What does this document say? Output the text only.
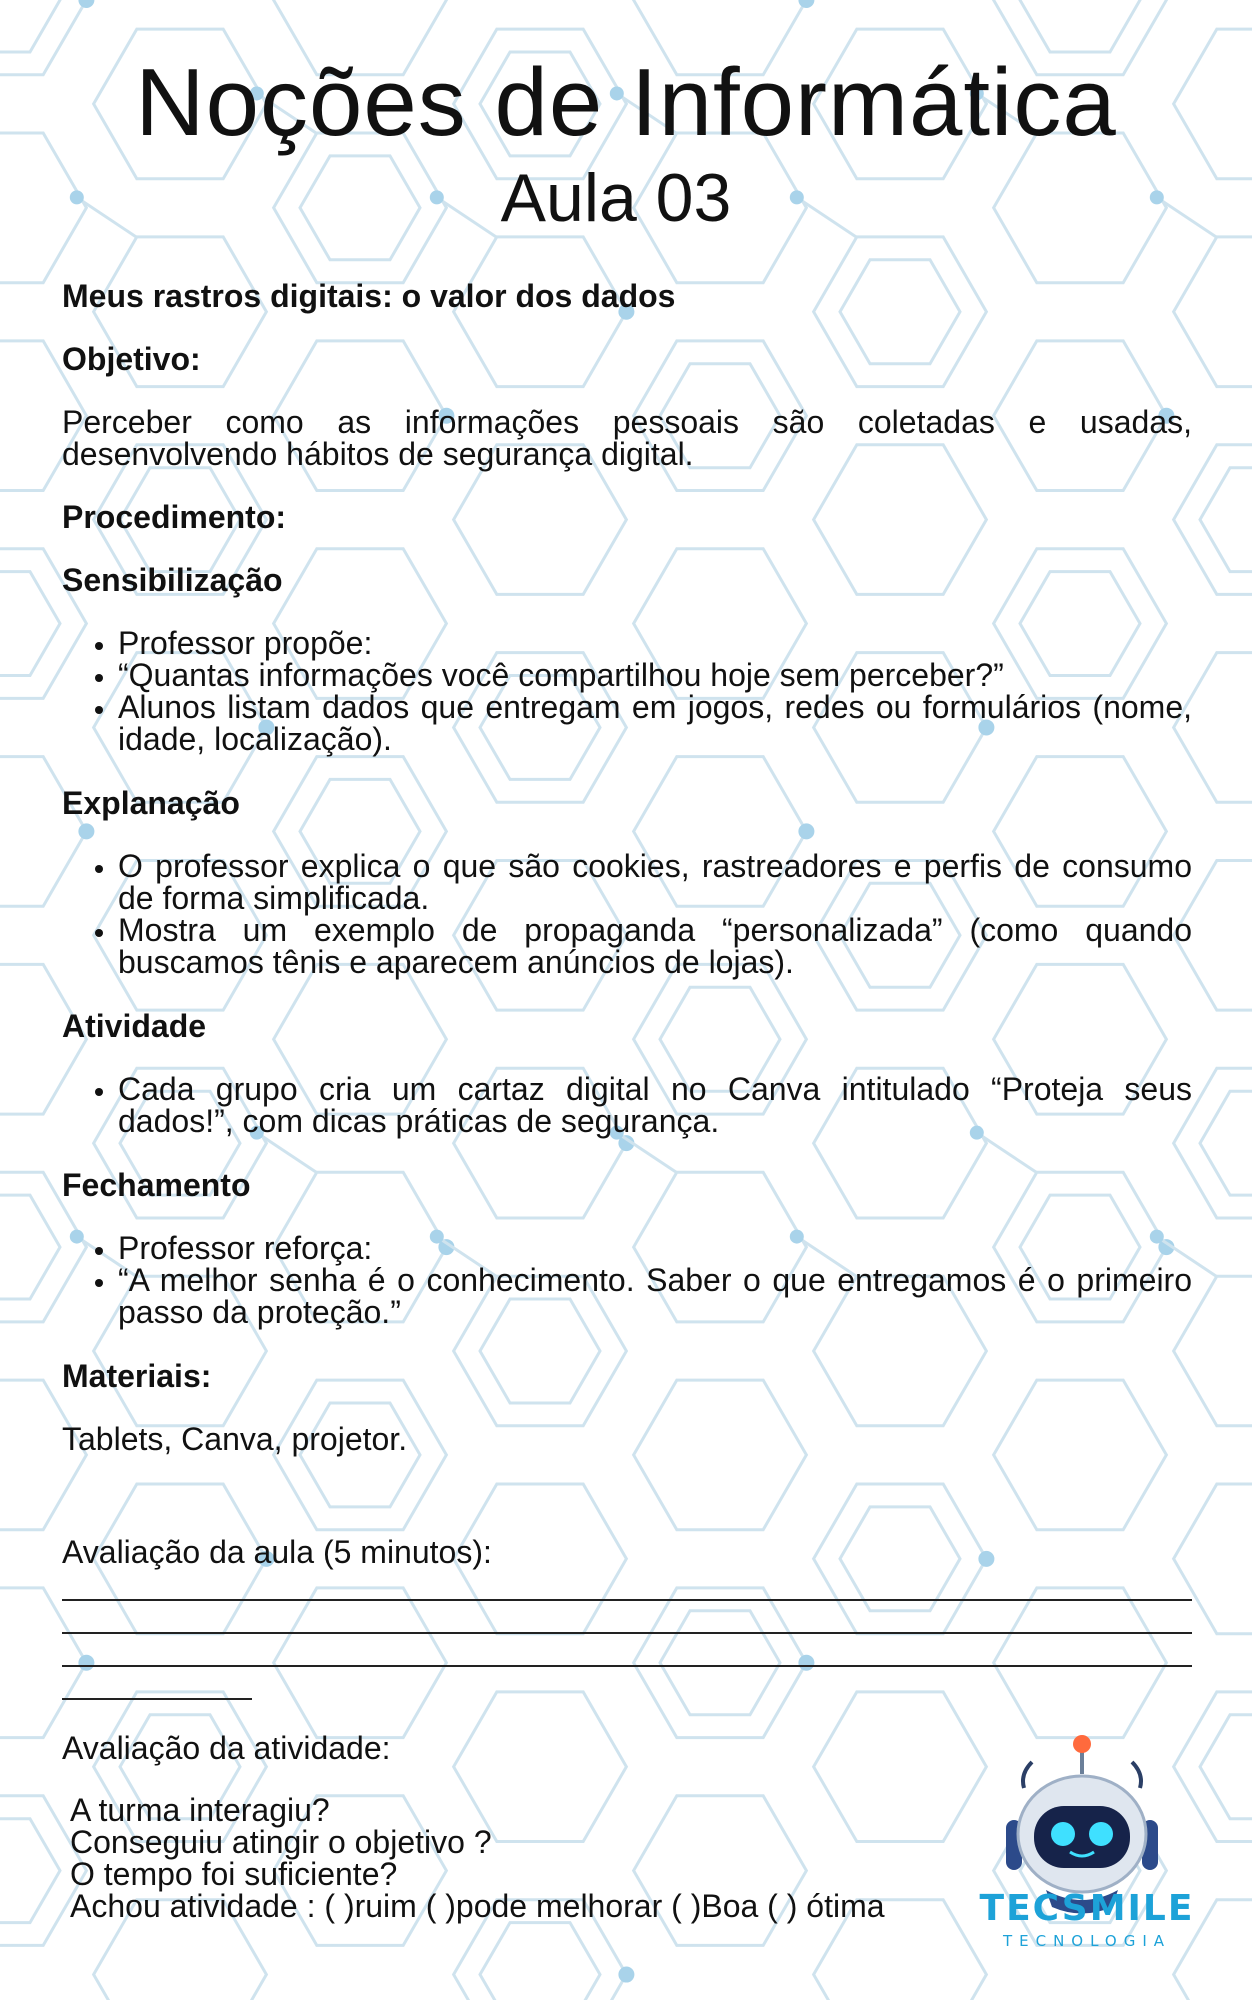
Noções de Informática
Aula 03
Meus rastros digitais: o valor dos dados
Objetivo:
Perceber como as informações pessoais são coletadas e usadas, desenvolvendo hábitos de segurança digital.
Procedimento:
Sensibilização
• Professor propõe:
• “Quantas informações você compartilhou hoje sem perceber?”
• Alunos listam dados que entregam em jogos, redes ou formulários (nome, idade, localização).
Explanação
• O professor explica o que são cookies, rastreadores e perfis de consumo de forma simplificada.
• Mostra um exemplo de propaganda “personalizada” (como quando buscamos tênis e aparecem anúncios de lojas).
Atividade
• Cada grupo cria um cartaz digital no Canva intitulado “Proteja seus dados!”, com dicas práticas de segurança.
Fechamento
• Professor reforça:
• “A melhor senha é o conhecimento. Saber o que entregamos é o primeiro passo da proteção.”
Materiais:
Tablets, Canva, projetor.
Avaliação da aula (5 minutos):
Avaliação da atividade:
A turma interagiu?
Conseguiu atingir o objetivo ?
O tempo foi suficiente?
Achou atividade : ( )ruim ( )pode melhorar ( )Boa ( ) ótima	TECSMILE
TECNOLOGIA
